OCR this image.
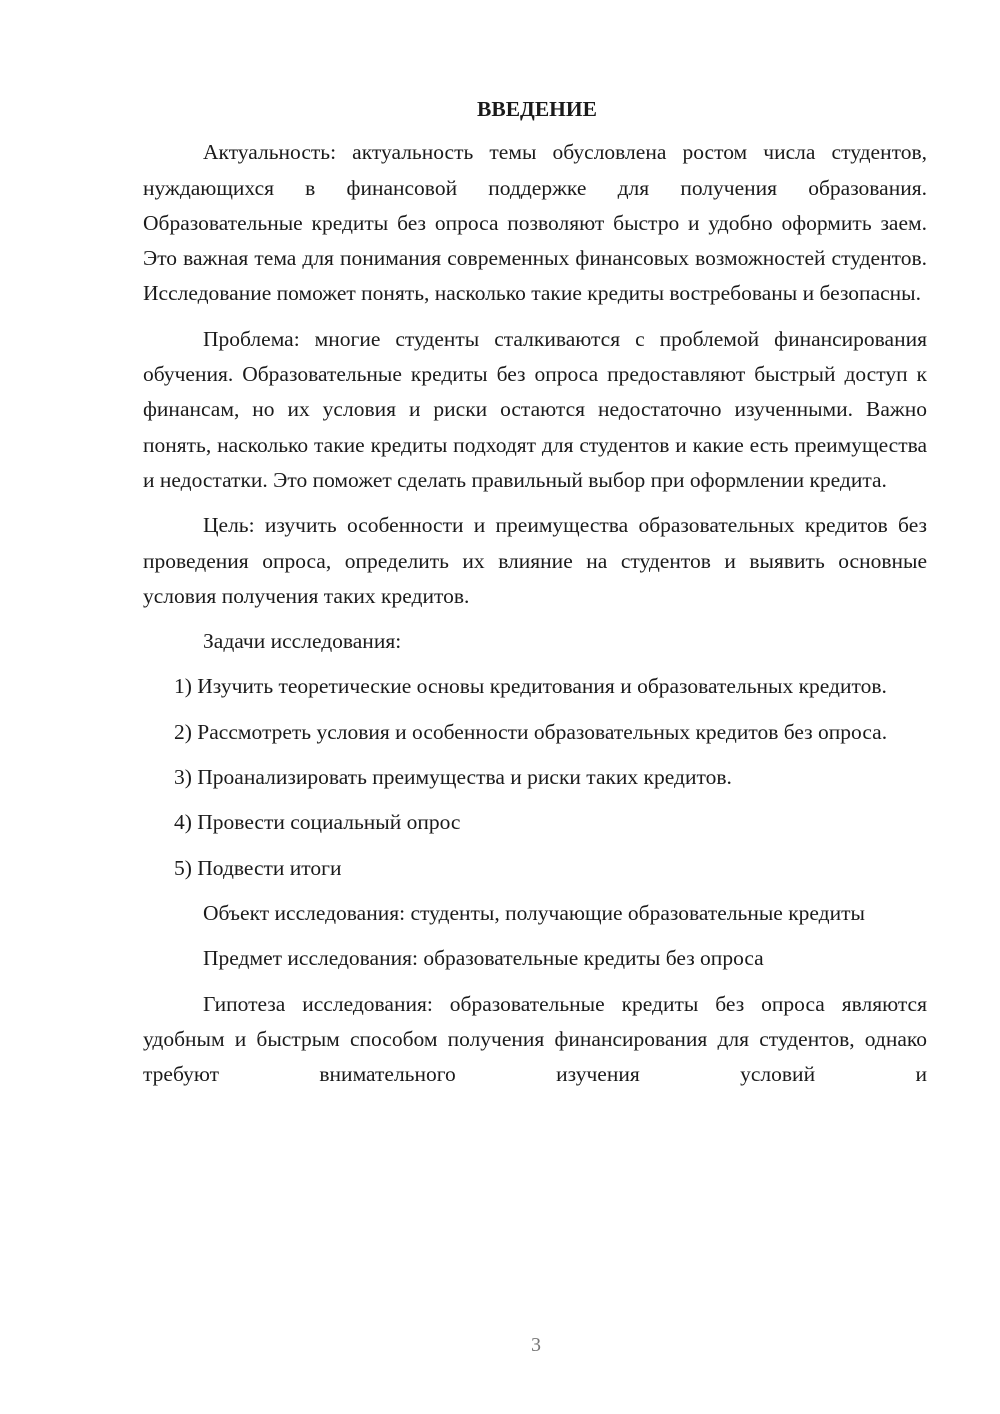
ВВЕДЕНИЕ

Актуальность: актуальность темы обусловлена ростом числа студентов, нуждающихся в финансовой поддержке для получения образования. Образовательные кредиты без опроса позволяют быстро и удобно оформить заем. Это важная тема для понимания современных финансовых возможностей студентов. Исследование поможет понять, насколько такие кредиты востребованы и безопасны.

Проблема: многие студенты сталкиваются с проблемой финансирования обучения. Образовательные кредиты без опроса предоставляют быстрый доступ к финансам, но их условия и риски остаются недостаточно изученными. Важно понять, насколько такие кредиты подходят для студентов и какие есть преимущества и недостатки. Это поможет сделать правильный выбор при оформлении кредита.

Цель: изучить особенности и преимущества образовательных кредитов без проведения опроса, определить их влияние на студентов и выявить основные условия получения таких кредитов.

Задачи исследования:

1) Изучить теоретические основы кредитования и образовательных кредитов.

2) Рассмотреть условия и особенности образовательных кредитов без опроса.

3) Проанализировать преимущества и риски таких кредитов.

4) Провести социальный опрос

5) Подвести итоги

Объект исследования: студенты, получающие образовательные кредиты

Предмет исследования: образовательные кредиты без опроса

Гипотеза исследования: образовательные кредиты без опроса являются удобным и быстрым способом получения финансирования для студентов, однако требуют внимательного изучения условий и

3
